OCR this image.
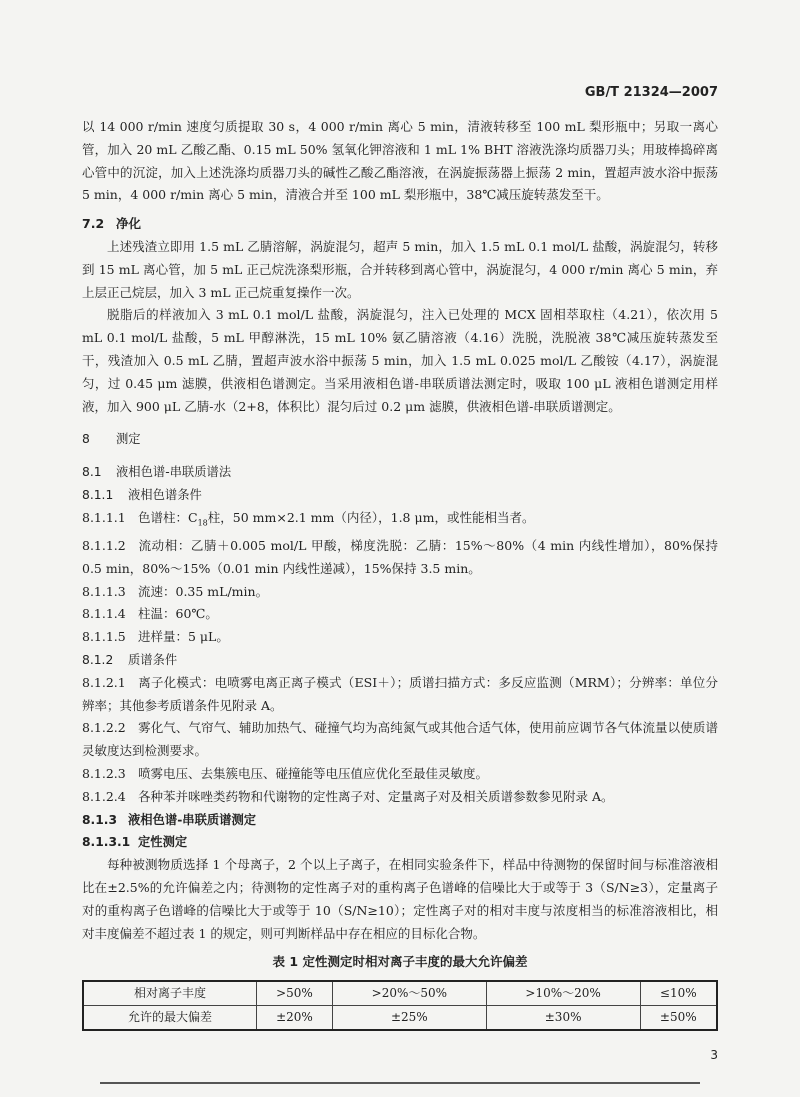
GB/T 21324—2007

以 14 000 r/min 速度匀质提取 30 s，4 000 r/min 离心 5 min，清液转移至 100 mL 梨形瓶中；另取一离心管，加入 20 mL 乙酸乙酯、0.15 mL 50% 氢氧化钾溶液和 1 mL 1% BHT 溶液洗涤均质器刀头；用玻棒捣碎离心管中的沉淀，加入上述洗涤均质器刀头的碱性乙酸乙酯溶液，在涡旋振荡器上振荡 2 min，置超声波水浴中振荡 5 min，4 000 r/min 离心 5 min，清液合并至 100 mL 梨形瓶中，38℃减压旋转蒸发至干。

7.2 净化

上述残渣立即用 1.5 mL 乙腈溶解，涡旋混匀，超声 5 min，加入 1.5 mL 0.1 mol/L 盐酸，涡旋混匀，转移到 15 mL 离心管，加 5 mL 正己烷洗涤梨形瓶，合并转移到离心管中，涡旋混匀，4 000 r/min 离心 5 min，弃上层正己烷层，加入 3 mL 正己烷重复操作一次。

脱脂后的样液加入 3 mL 0.1 mol/L 盐酸，涡旋混匀，注入已处理的 MCX 固相萃取柱（4.21），依次用 5 mL 0.1 mol/L 盐酸，5 mL 甲醇淋洗，15 mL 10% 氨乙腈溶液（4.16）洗脱，洗脱液 38℃减压旋转蒸发至干，残渣加入 0.5 mL 乙腈，置超声波水浴中振荡 5 min，加入 1.5 mL 0.025 mol/L 乙酸铵（4.17），涡旋混匀，过 0.45 μm 滤膜，供液相色谱测定。当采用液相色谱-串联质谱法测定时，吸取 100 μL 液相色谱测定用样液，加入 900 μL 乙腈-水（2+8，体积比）混匀后过 0.2 μm 滤膜，供液相色谱-串联质谱测定。

8 测定

8.1 液相色谱-串联质谱法

8.1.1 液相色谱条件

8.1.1.1 色谱柱：$C_{18}$柱，50 mm×2.1 mm（内径），1.8 μm，或性能相当者。

8.1.1.2 流动相：乙腈＋0.005 mol/L 甲酸，梯度洗脱：乙腈：15%～80%（4 min 内线性增加），80%保持 0.5 min，80%～15%（0.01 min 内线性递减），15%保持 3.5 min。

8.1.1.3 流速：0.35 mL/min。

8.1.1.4 柱温：60℃。

8.1.1.5 进样量：5 μL。

8.1.2 质谱条件

8.1.2.1 离子化模式：电喷雾电离正离子模式（ESI＋）；质谱扫描方式：多反应监测（MRM）；分辨率：单位分辨率；其他参考质谱条件见附录 A。

8.1.2.2 雾化气、气帘气、辅助加热气、碰撞气均为高纯氮气或其他合适气体，使用前应调节各气体流量以使质谱灵敏度达到检测要求。

8.1.2.3 喷雾电压、去集簇电压、碰撞能等电压值应优化至最佳灵敏度。

8.1.2.4 各种苯并咪唑类药物和代谢物的定性离子对、定量离子对及相关质谱参数参见附录 A。

8.1.3 液相色谱-串联质谱测定

8.1.3.1 定性测定

每种被测物质选择 1 个母离子，2 个以上子离子，在相同实验条件下，样品中待测物的保留时间与标准溶液相比在±2.5%的允许偏差之内；待测物的定性离子对的重构离子色谱峰的信噪比大于或等于 3（S/N≥3），定量离子对的重构离子色谱峰的信噪比大于或等于 10（S/N≥10）；定性离子对的相对丰度与浓度相当的标准溶液相比，相对丰度偏差不超过表 1 的规定，则可判断样品中存在相应的目标化合物。

表 1 定性测定时相对离子丰度的最大允许偏差
相对离子丰度	>50%	>20%～50%	>10%～20%	≤10%
允许的最大偏差	±20%	±25%	±30%	±50%
3
